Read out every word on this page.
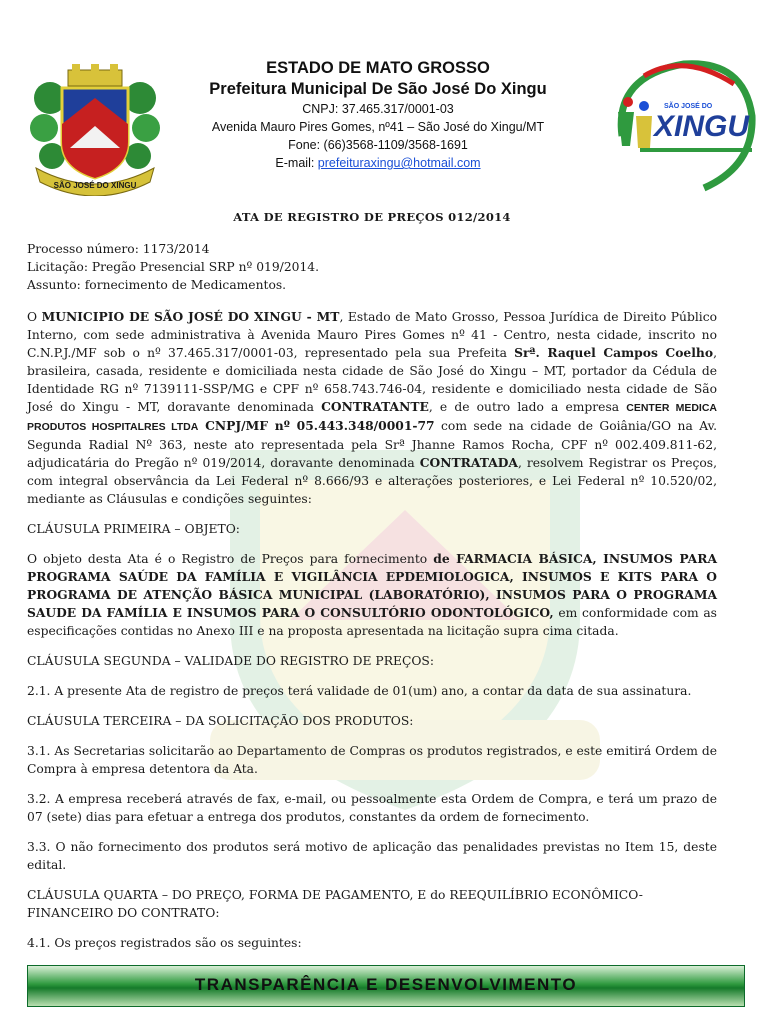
SÃO JOSÉ DO XINGU
ESTADO DE MATO GROSSO
Prefeitura Municipal De São José Do Xingu
CNPJ: 37.465.317/0001-03
Avenida Mauro Pires Gomes, nº41 – São José do Xingu/MT
Fone: (66)3568-1109/3568-1691
E-mail: prefeituraxingu@hotmail.com
SÃO JOSÉ DO
XINGU

ATA DE REGISTRO DE PREÇOS 012/2014

Processo número: 1173/2014
Licitação: Pregão Presencial SRP nº 019/2014.
Assunto: fornecimento de Medicamentos.

O MUNICIPIO DE SÃO JOSÉ DO XINGU - MT, Estado de Mato Grosso, Pessoa Jurídica de Direito Público Interno, com sede administrativa à Avenida Mauro Pires Gomes nº 41 - Centro, nesta cidade, inscrito no C.N.P.J./MF sob o nº 37.465.317/0001-03, representado pela sua Prefeita Srª. Raquel Campos Coelho, brasileira, casada, residente e domiciliada nesta cidade de São José do Xingu – MT, portador da Cédula de Identidade RG nº 7139111-SSP/MG e CPF nº 658.743.746-04, residente e domiciliado nesta cidade de São José do Xingu - MT, doravante denominada CONTRATANTE, e de outro lado a empresa CENTER MEDICA PRODUTOS HOSPITALRES LTDA CNPJ/MF nº 05.443.348/0001-77 com sede na cidade de Goiânia/GO na Av. Segunda Radial Nº 363, neste ato representada pela Srª Jhanne Ramos Rocha, CPF nº 002.409.811-62, adjudicatária do Pregão nº 019/2014, doravante denominada CONTRATADA, resolvem Registrar os Preços, com integral observância da Lei Federal nº 8.666/93 e alterações posteriores, e Lei Federal nº 10.520/02, mediante as Cláusulas e condições seguintes:

CLÁUSULA PRIMEIRA – OBJETO:

O objeto desta Ata é o Registro de Preços para fornecimento de FARMACIA BÁSICA, INSUMOS PARA PROGRAMA SAÚDE DA FAMÍLIA E VIGILÂNCIA EPDEMIOLOGICA, INSUMOS E KITS PARA O PROGRAMA DE ATENÇÃO BÁSICA MUNICIPAL (LABORATÓRIO), INSUMOS PARA O PROGRAMA SAUDE DA FAMÍLIA E INSUMOS PARA O CONSULTÓRIO ODONTOLÓGICO, em conformidade com as especificações contidas no Anexo III e na proposta apresentada na licitação supra cima citada.

CLÁUSULA SEGUNDA – VALIDADE DO REGISTRO DE PREÇOS:

2.1. A presente Ata de registro de preços terá validade de 01(um) ano, a contar da data de sua assinatura.

CLÁUSULA TERCEIRA – DA SOLICITAÇÃO DOS PRODUTOS:

3.1. As Secretarias solicitarão ao Departamento de Compras os produtos registrados, e este emitirá Ordem de Compra à empresa detentora da Ata.

3.2. A empresa receberá através de fax, e-mail, ou pessoalmente esta Ordem de Compra, e terá um prazo de 07 (sete) dias para efetuar a entrega dos produtos, constantes da ordem de fornecimento.

3.3. O não fornecimento dos produtos será motivo de aplicação das penalidades previstas no Item 15, deste edital.

CLÁUSULA QUARTA – DO PREÇO, FORMA DE PAGAMENTO, E do REEQUILÍBRIO ECONÔMICO-FINANCEIRO DO CONTRATO:

4.1. Os preços registrados são os seguintes:

TRANSPARÊNCIA E DESENVOLVIMENTO
